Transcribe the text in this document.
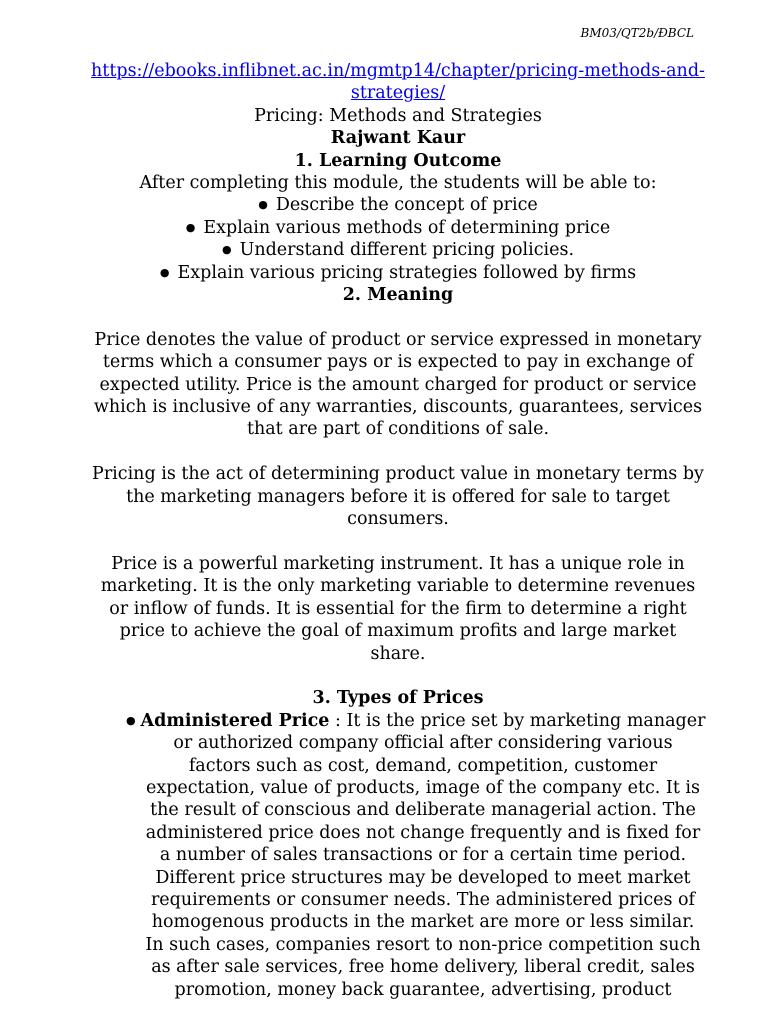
BM03/QT2b/ÐBCL

https://ebooks.inflibnet.ac.in/mgmtp14/chapter/pricing-methods-and-strategies/

Pricing: Methods and Strategies

Rajwant Kaur

1. Learning Outcome

After completing this module, the students will be able to:

● Describe the concept of price

● Explain various methods of determining price

● Understand different pricing policies.

● Explain various pricing strategies followed by firms

2. Meaning

Price denotes the value of product or service expressed in monetary terms which a consumer pays or is expected to pay in exchange of expected utility. Price is the amount charged for product or service which is inclusive of any warranties, discounts, guarantees, services that are part of conditions of sale.

Pricing is the act of determining product value in monetary terms by the marketing managers before it is offered for sale to target consumers.

Price is a powerful marketing instrument. It has a unique role in marketing. It is the only marketing variable to determine revenues or inflow of funds. It is essential for the firm to determine a right price to achieve the goal of maximum profits and large market share.

3. Types of Prices

● Administered Price : It is the price set by marketing manager or authorized company official after considering various factors such as cost, demand, competition, customer expectation, value of products, image of the company etc. It is the result of conscious and deliberate managerial action. The administered price does not change frequently and is fixed for a number of sales transactions or for a certain time period. Different price structures may be developed to meet market requirements or consumer needs. The administered prices of homogenous products in the market are more or less similar. In such cases, companies resort to non-price competition such as after sale services, free home delivery, liberal credit, sales promotion, money back guarantee, advertising, product
